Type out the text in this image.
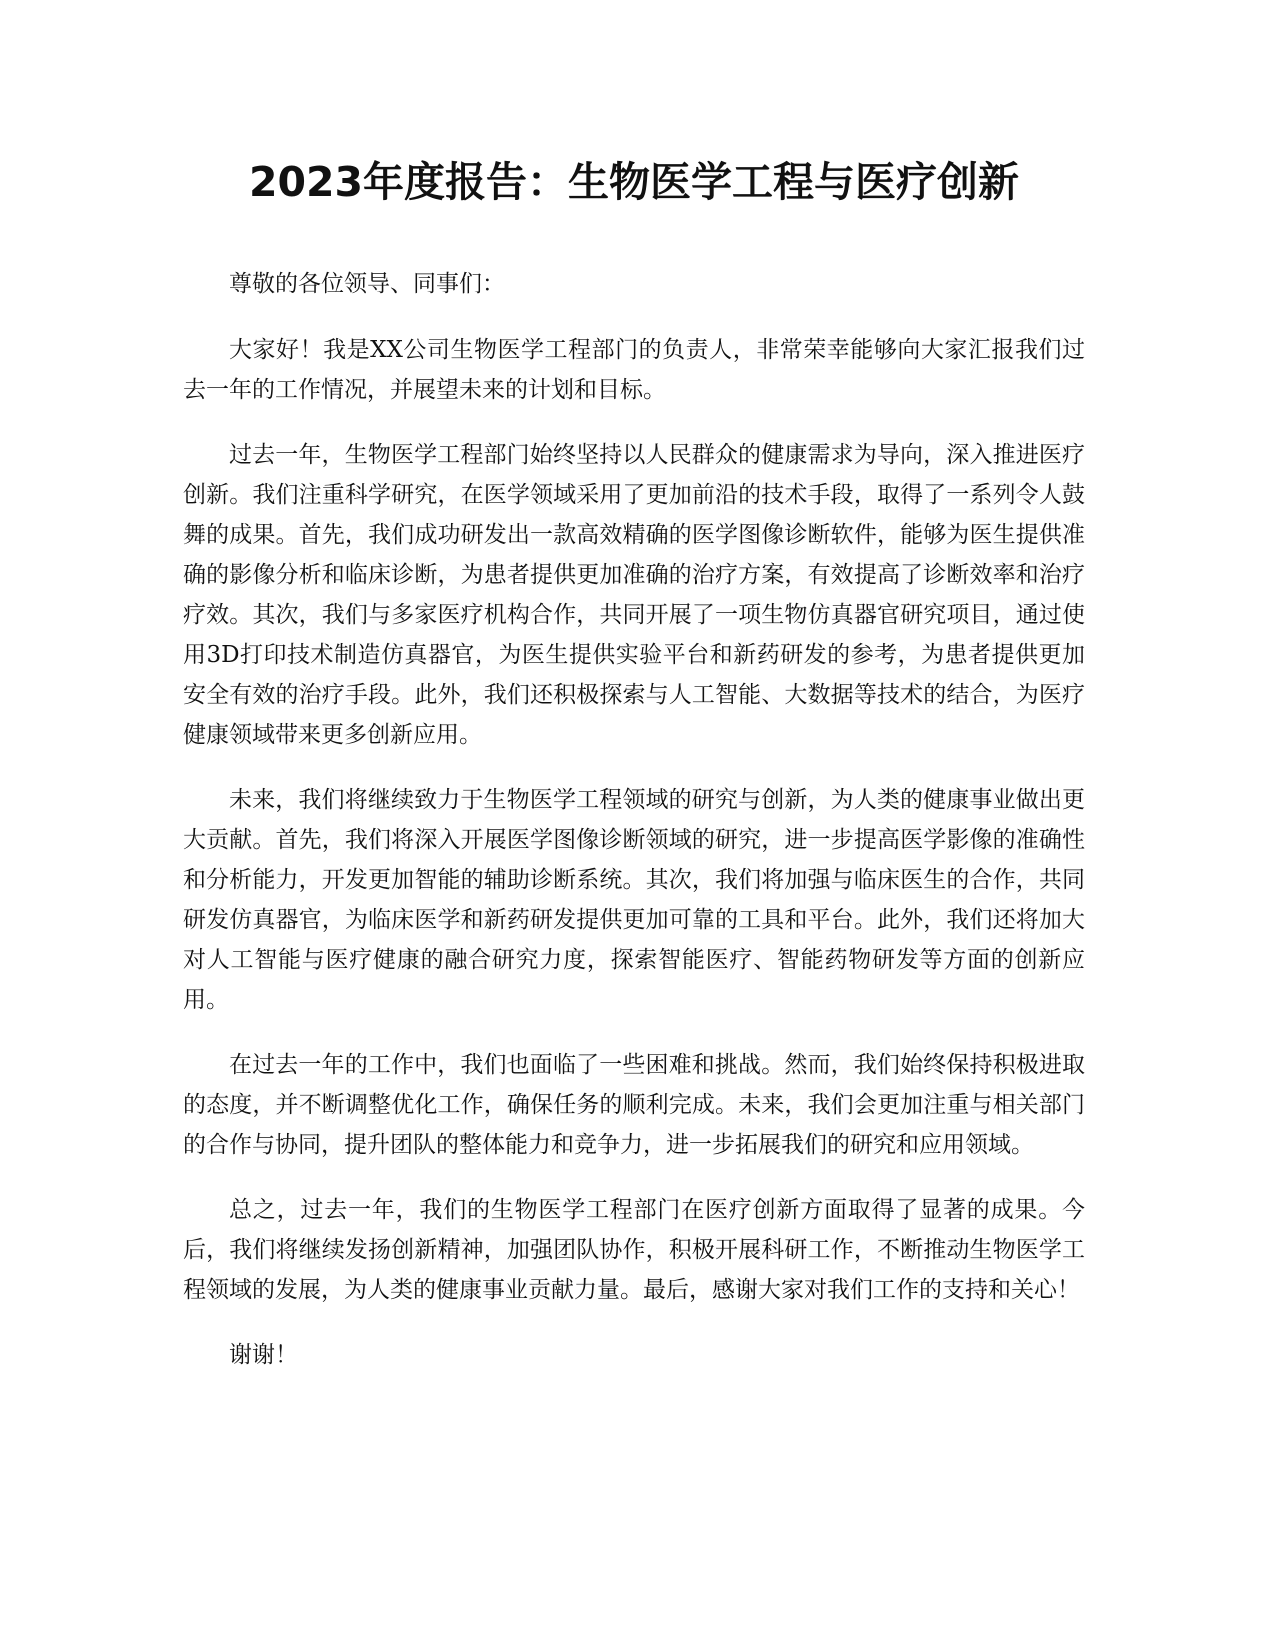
2023年度报告：生物医学工程与医疗创新

尊敬的各位领导、同事们：

大家好！我是XX公司生物医学工程部门的负责人，非常荣幸能够向大家汇报我们过去一年的工作情况，并展望未来的计划和目标。

过去一年，生物医学工程部门始终坚持以人民群众的健康需求为导向，深入推进医疗创新。我们注重科学研究，在医学领域采用了更加前沿的技术手段，取得了一系列令人鼓舞的成果。首先，我们成功研发出一款高效精确的医学图像诊断软件，能够为医生提供准确的影像分析和临床诊断，为患者提供更加准确的治疗方案，有效提高了诊断效率和治疗疗效。其次，我们与多家医疗机构合作，共同开展了一项生物仿真器官研究项目，通过使用3D打印技术制造仿真器官，为医生提供实验平台和新药研发的参考，为患者提供更加安全有效的治疗手段。此外，我们还积极探索与人工智能、大数据等技术的结合，为医疗健康领域带来更多创新应用。

未来，我们将继续致力于生物医学工程领域的研究与创新，为人类的健康事业做出更大贡献。首先，我们将深入开展医学图像诊断领域的研究，进一步提高医学影像的准确性和分析能力，开发更加智能的辅助诊断系统。其次，我们将加强与临床医生的合作，共同研发仿真器官，为临床医学和新药研发提供更加可靠的工具和平台。此外，我们还将加大对人工智能与医疗健康的融合研究力度，探索智能医疗、智能药物研发等方面的创新应用。

在过去一年的工作中，我们也面临了一些困难和挑战。然而，我们始终保持积极进取的态度，并不断调整优化工作，确保任务的顺利完成。未来，我们会更加注重与相关部门的合作与协同，提升团队的整体能力和竞争力，进一步拓展我们的研究和应用领域。

总之，过去一年，我们的生物医学工程部门在医疗创新方面取得了显著的成果。今后，我们将继续发扬创新精神，加强团队协作，积极开展科研工作，不断推动生物医学工程领域的发展，为人类的健康事业贡献力量。最后，感谢大家对我们工作的支持和关心！

谢谢！
